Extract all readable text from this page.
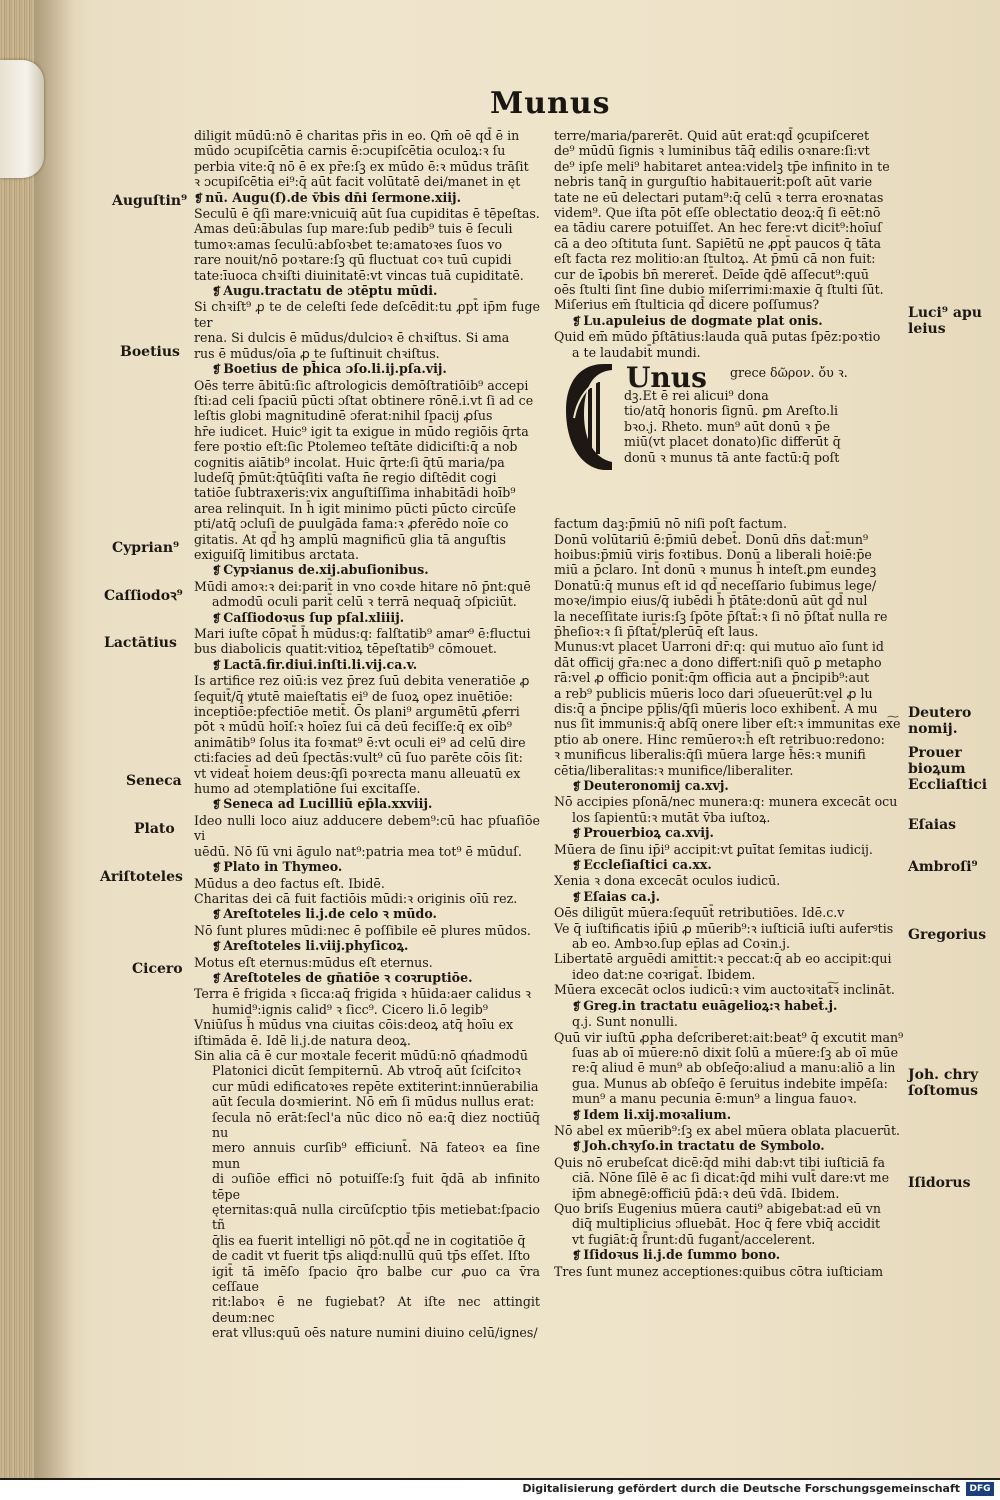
Munus
Auguſtin⁹
Boetius
Cyprian⁹
Caſſiodoꝛ⁹
Lactātius
Seneca
Plato
Ariſtoteles
Cicero
Luci⁹ apu
leius
Deutero
nomij.
Prouer
bioꝝum
Eccliaſtici
Eſaias
Ambroſi⁹
Gregorius
Joh. chry
ſoſtomus
Iſidorus

diligit mūdū:nō ē charitas pr̄is in eo. Qm̄ oē qd̄ ē in

mūdo ɔcupiſcētia carnis ē:ɔcupiſcētia oculoꝝ:ꝛ ſu

perbia vite:q̄ nō ē ex pr̄e:ſꝫ ex mūdo ē:ꝛ mūdus trāſit

ꝛ ɔcupiſcētia ei⁹:q̄ aūt facit volūtatē dei/manet in ęt

❡ nū. Augu(ſ).de v̄bis dn̄i ſermone.xiij.

Seculū ē q̄ſi mare:vnicuiq̄ aūt ſua cupiditas ē tēpeſtas.

Amas deū:ābulas ſup mare:ſub pedib⁹ tuis ē ſeculi

tumoꝛ:amas ſeculū:abſoꝛbet te:amatoꝛes ſuos vo

rare nouit/nō poꝛtare:ſꝫ qū fluctuat coꝛ tuū cupidi

tate:īuoca chꝛiſti diuinitatē:vt vincas tuā cupiditatē.

❡ Augu.tractatu de ɔtēptu mūdi.

Si chꝛiſt⁹ ꝓ te de celeſti ſede deſcēdit:tu ꝓpt̄ ip̄m fuge ter

rena. Si dulcis ē mūdus/dulcioꝛ ē chꝛiſtus. Si ama

rus ē mūdus/oīa ꝓ te ſuſtinuit chꝛiſtus.

❡ Boetius de ph̄ica ɔſo.li.ij.pſa.vij.

Oēs terre ābitū:ſic aſtrologicis demōſtratiōib⁹ accepi

ſti:ad celi ſpaciū pūcti ɔſtat obtinere rōnē.i.vt ſi ad ce

leſtis globi magnitudinē ɔferat:nihil ſpacij ꝓſus

hr̄e iudicet. Huic⁹ igit ta exigue in mūdo regiōis q̄rta

fere poꝛtio eſt:ſic Ptolemeo teſtāte didiciſti:q̄ a nob

cognitis aiātib⁹ incolat. Huic q̄rte:ſi q̄tū maria/pa

ludeſq̄ p̄mūt:q̄tūq̄ſiti vaſta n̄e regio diſtēdit cogi

tatiōe ſubtraxeris:vix anguſtiſſima inhabitādi hoīb⁹

area relinquit. In h̄ igit minimo pūcti pūcto circūſe

pti/atq̄ ɔcluſi de ꝑuulgāda fama:ꝛ ꝓferēdo noīe co

gitatis. At qd̄ hꝫ amplū magnificū glia tā anguſtis

exiguiſq̄ limitibus arctata.

❡ Cypꝛianus de.xij.abuſionibus.

Mūdi amoꝛ:ꝛ dei:parit̄ in vno coꝛde hitare nō p̄nt:quē

admodū oculi parit̄ celū ꝛ terrā nequaq̄ ɔſpiciūt.

❡ Caſſiodoꝛus ſup pſal.xliiij.

Mari iuſte cōpat̄ h̄ mūdus:q: falſtatib⁹ amar⁹ ē:fluctui

bus diabolicis quatit:vitioꝝ tēpeſtatib⁹ cōmouet.

❡ Lactā.fir.diui.inſti.li.vij.ca.v.

Is artifice rez oiū:is vez p̄rez ſuū debita veneratiōe ꝓ

ſequit̄/q̄ ꝟtutē maieſtatis ei⁹ de ſuoꝝ opez inuētiōe:

inceptiōe:pfectiōe metit̄. Ōs plani⁹ argumētū ꝓferri

pōt ꝛ mūdū hoīſ:ꝛ hoīez ſui cā deū feciſſe:q̄ ex oīb⁹

animātib⁹ ſolus ita foꝛmat⁹ ē:vt oculi ei⁹ ad celū dire

cti:facies ad deū ſpectās:vult⁹ cū ſuo parēte cōis ſit:

vt videat̄ hoiem deus:q̄ſi poꝛrecta manu alleuatū ex

humo ad ɔtemplatiōne ſui excitaſſe.

❡ Seneca ad Lucilliū ep̄la.xxviij.

Ideo nulli loco aiuz adducere debem⁹:cū hac pſuaſiōe vi

uēdū. Nō ſū vni āgulo nat⁹:patria mea tot⁹ ē mūduſ.

❡ Plato in Thymeo.

Mūdus a deo factus eſt. Ibidē.

Charitas dei cā fuit factiōis mūdi:ꝛ originis oīū rez.

❡ Areſtoteles li.j.de celo ꝛ mūdo.

Nō ſunt plures mūdi:nec ē poſſibile eē plures mūdos.

❡ Areſtoteles li.viij.phyſicoꝝ.

Motus eſt eternus:mūdus eſt eternus.

❡ Areſtoteles de gn̄atiōe ꝛ coꝛruptiōe.

Terra ē frigida ꝛ ſicca:aq̄ frigida ꝛ hūida:aer calidus ꝛ

humid⁹:ignis calid⁹ ꝛ ſicc⁹. Cicero li.ō legib⁹

Vniūſus h̄ mūdus vna ciuitas cōis:deoꝝ atq̄ hoīu ex

iſtimāda ē. Idē li.j.de natura deoꝝ.

Sin alia cā ē cur moꝛtale fecerit mūdū:nō qńadmodū

Platonici dicūt ſempiternū. Ab vtroq̄ aūt ſciſcitoꝛ

cur mūdi edificatoꝛes repēte extiterint:innūerabilia

aūt ſecula doꝛmierint. Nō em̄ ſi mūdus nullus erat:

ſecula nō erāt:ſecl'a nūc dico nō ea:q̄ diez noctiūq̄ nu

mero annuis curſib⁹ efficiunt̄. Nā fateoꝛ ea ſine mun

di ɔuſiōe effici nō potuiſſe:ſꝫ fuit q̄dā ab infinito tēpe

ęternitas:quā nulla circūſcptio tp̄is metiebat:ſpacio tñ

q̄lis ea fuerit intelligi nō pōt.qd̄ ne in cogitatiōe q̄

de cadit vt fuerit tp̄s aliqd̄:nullū quū tp̄s eſſet. Iſto

igit̄ tā imēſo ſpacio q̄ro balbe cur ꝓuo ca v̄ra ceſſaue

rit:laboꝛ ē ne fugiebat? At iſte nec attingit deum:nec

erat vllus:quū oēs nature numini diuino celū/ignes/

terre/maria/parerēt. Quid aūt erat:qd̄ ꝯcupiſceret

de⁹ mūdū ſignis ꝛ luminibus tāq̄ edilis oꝛnare:ſi:vt

de⁹ ipſe meli⁹ habitaret antea:videlꝫ tp̄e infinito in te

nebris tanq̄ in gurguſtio habitauerit:poſt aūt varie

tate ne eū delectari putam⁹:q̄ celū ꝛ terra eroꝛnatas

videm⁹. Que iſta pōt eſſe oblectatio deoꝝ:q̄ ſi eēt:nō

ea tādiu carere potuiſſet. An hec fere:vt dicit⁹:hoīuſ

cā a deo ɔſtituta ſunt. Sapiētū ne ꝓpt̄ paucos q̄ tāta

eſt facta rez molitio:an ſtultoꝝ. At p̄mū cā non fuit:

cur de īꝓobis bn̄ mereret̄. Deīde q̄dē aſſecut⁹:quū

oēs ſtulti ſint ſine dubio miſerrimi:maxie q̄ ſtulti ſūt.

Miſerius em̄ ſtulticia qd̄ dicere poſſumus?

❡ Lu.apuleius de dogmate plat onis.

Quid em̄ mūdo p̄ſtātius:lauda quā putas ſpēz:poꝛtio

a te laudabit̄ mundi.

factum daꝫ:p̄miū nō niſi poſt factum.

Donū volūtariū ē:p̄miū debet̄. Donū dn̄s dat̄:mun⁹

hoibus:p̄miū viris foꝛtibus. Donū a liberali hoiē:p̄e

miū a p̄claro. Int̄ donū ꝛ munus h̄ inteſt.ꝑm eundeꝫ

Donatū:q̄ munus eſt id qd̄ neceſſario ſubimus lege/

moꝛe/impio eius/q̄ iubēdi h̄ p̄tāte:donū aūt qd̄ nul

la neceſſitate iuris:ſꝫ ſpōte p̄ſtat̄:ꝛ ſi nō p̄ſtat̄ nulla re

p̄heſioꝛ:ꝛ ſi p̄ſtat̄/plerūq̄ eſt laus.

Munus:vt placet Uarroni dr̄:q: qui mutuo aīo ſunt id

dāt officij gr̄a:nec a dono differt:niſi quō ꝑ metapho

rā:vel ꝓ officio ponit̄:q̄m officia aut a p̄ncipib⁹:aut

a reb⁹ publicis mūeris loco dari ɔſueuerūt:vel ꝓ lu

dis:q̄ a p̄ncipe pp̄lis/q̄ſi mūeris loco exhibent̄. A mu

nus ſit immunis:q̄ abſq̄ onere liber eſt:ꝛ immunitas ex͠e

ptio ab onere. Hinc remūeroꝛ:h̄ eſt retribuo:redono:

ꝛ munificus liberalis:q̄ſi mūera large h̄ēs:ꝛ munifi

cētia/liberalitas:ꝛ munifice/liberaliter.

❡ Deuteronomij ca.xvj.

Nō accipies pſonā/nec munera:q: munera excecāt ocu

los ſapientū:ꝛ mutāt v̄ba iuſtoꝝ.

❡ Prouerbioꝝ ca.xvij.

Mūera de ſinu ip̄i⁹ accipit:vt ꝑuītat ſemitas iudicij.

❡ Eccleſiaſtici ca.xx.

Xenia ꝛ dona excecāt oculos iudicū.

❡ Eſaias ca.j.

Oēs diligūt mūera:ſequūt̄ retributiōes. Idē.c.v

Ve q̄ iuſtificatis ip̄iū ꝓ mūerib⁹:ꝛ iuſticiā iuſti auferꝰtis

ab eo. Ambꝛo.ſup ep̄las ad Coꝛin.j.

Libertatē arguēdi amittit:ꝛ peccat:q̄ ab eo accipit:qui

ideo dat:ne coꝛrigat̄. Ibidem.

Mūera excecāt oclos iudicū:ꝛ vim auctoꝛitat͠ꝛ inclināt.

❡ Greg.in tractatu euāgelioꝝ:ꝛ habet̄.j.

q.j. Sunt nonulli.

Quū vir iuſtū ꝓpha deſcriberet:ait:beat⁹ q̄ excutit man⁹

ſuas ab oī mūere:nō dixit ſolū a mūere:ſꝫ ab oī mūe

re:q̄ aliud ē mun⁹ ab obſeq̄o:aliud a manu:aliō a lin

gua. Munus ab obſeq̄o ē ſeruitus indebite impēſa:

mun⁹ a manu pecunia ē:mun⁹ a lingua fauoꝛ.

❡ Idem li.xij.moꝛalium.

Nō abel ex mūerib⁹:ſꝫ ex abel mūera oblata placuerūt.

❡ Joh.chꝛyſo.in tractatu de Symbolo.

Quis nō erubeſcat dicē:q̄d mihi dab:vt tibi iuſticiā fa

ciā. Nōne ſīlē ē ac ſi dicat:q̄d mihi vult̄ dare:vt me

ip̄m abnegē:officiū p̄dā:ꝛ deū v̄dā. Ibidem.

Quo briſs Eugenius mūera cauti⁹ abigebat:ad eū vn

diq̄ multiplicius ɔfluebāt. Hoc q̄ fere vbiq̄ accidit

vt fugiāt:q̄ ſ̄runt:dū fugant̄/accelerent.

❡ Iſidoꝛus li.j.de ſummo bono.

Tres ſunt munez acceptiones:quibus cōtra iuſticiam

Unus grece δῶρον. ὄυ ꝛ.

dꝫ.Et ē rei alicui⁹ dona

tio/atq̄ honoris ſignū. ꝑm Areſto.li

bꝛo.j. Rheto. mun⁹ aūt donū ꝛ p̄e

miū(vt placet donato)ſic differūt q̄

donū ꝛ munus tā ante factū:q̄ poſt

Digitalisierung gefördert durch die Deutsche Forschungsgemeinschaft	DFG
